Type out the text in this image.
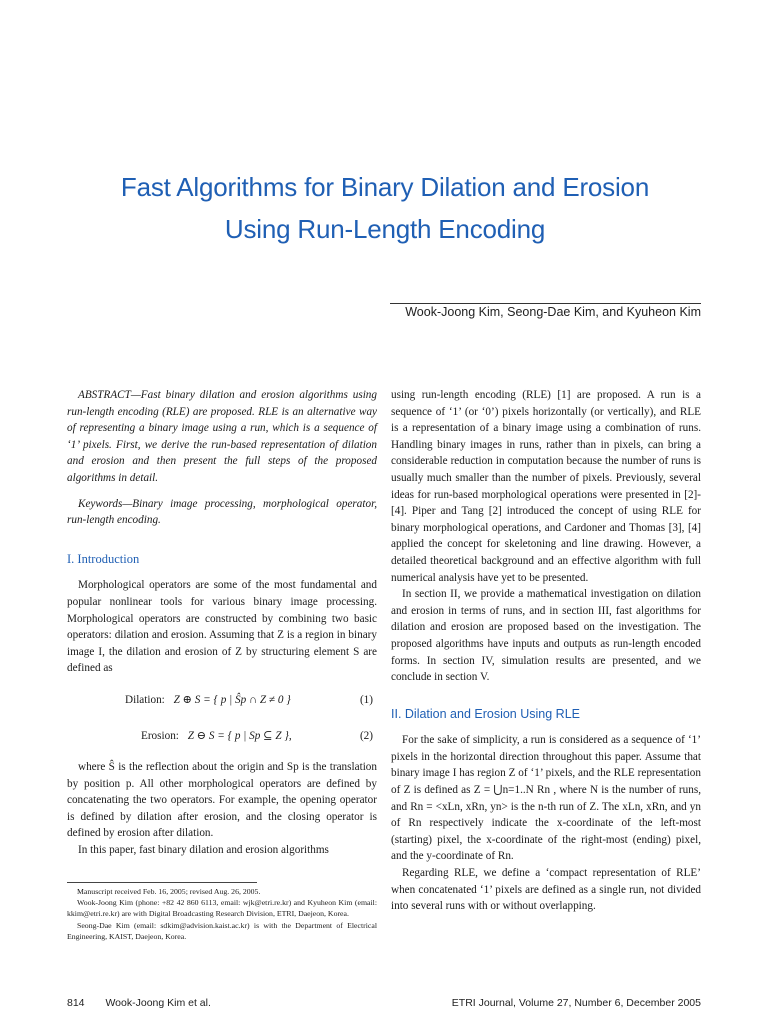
Fast Algorithms for Binary Dilation and Erosion
Using Run-Length Encoding
Wook-Joong Kim, Seong-Dae Kim, and Kyuheon Kim

ABSTRACT—Fast binary dilation and erosion algorithms using run-length encoding (RLE) are proposed. RLE is an alternative way of representing a binary image using a run, which is a sequence of ‘1’ pixels. First, we derive the run-based representation of dilation and erosion and then present the full steps of the proposed algorithms in detail.

Keywords—Binary image processing, morphological operator, run-length encoding.

I. Introduction

Morphological operators are some of the most fundamental and popular nonlinear tools for various binary image processing. Morphological operators are constructed by combining two basic operators: dilation and erosion. Assuming that Z is a region in binary image I, the dilation and erosion of Z by structuring element S are defined as

Dilation: Z ⊕ S = { p | Ŝp ∩ Z ≠ 0 }	(1)
Erosion: Z ⊖ S = { p | Sp ⊆ Z },	(2)

where Ŝ is the reflection about the origin and Sp is the translation by position p. All other morphological operators are defined by concatenating the two operators. For example, the opening operator is defined by dilation after erosion, and the closing operator is defined by erosion after dilation.

In this paper, fast binary dilation and erosion algorithms

using run-length encoding (RLE) [1] are proposed. A run is a sequence of ‘1’ (or ‘0’) pixels horizontally (or vertically), and RLE is a representation of a binary image using a combination of runs. Handling binary images in runs, rather than in pixels, can bring a considerable reduction in computation because the number of runs is usually much smaller than the number of pixels. Previously, several ideas for run-based morphological operations were presented in [2]-[4]. Piper and Tang [2] introduced the concept of using RLE for binary morphological operations, and Cardoner and Thomas [3], [4] applied the concept for skeletoning and line drawing. However, a detailed theoretical background and an effective algorithm with full numerical analysis have yet to be presented.

In section II, we provide a mathematical investigation on dilation and erosion in terms of runs, and in section III, fast algorithms for dilation and erosion are proposed based on the investigation. The proposed algorithms have inputs and outputs as run-length encoded forms. In section IV, simulation results are presented, and we conclude in section V.

II. Dilation and Erosion Using RLE

For the sake of simplicity, a run is considered as a sequence of ‘1’ pixels in the horizontal direction throughout this paper. Assume that binary image I has region Z of ‘1’ pixels, and the RLE representation of Z is defined as Z = ⋃n=1..N Rn , where N is the number of runs, and Rn = <xLn, xRn, yn> is the n-th run of Z. The xLn, xRn, and yn of Rn respectively indicate the x-coordinate of the left-most (starting) pixel, the x-coordinate of the right-most (ending) pixel, and the y-coordinate of Rn.

Regarding RLE, we define a ‘compact representation of RLE’ when concatenated ‘1’ pixels are defined as a single run, not divided into several runs with or without overlapping.

Manuscript received Feb. 16, 2005; revised Aug. 26, 2005.

Wook-Joong Kim (phone: +82 42 860 6113, email: wjk@etri.re.kr) and Kyuheon Kim (email: kkim@etri.re.kr) are with Digital Broadcasting Research Division, ETRI, Daejeon, Korea.

Seong-Dae Kim (email: sdkim@advision.kaist.ac.kr) is with the Department of Electrical Engineering, KAIST, Daejeon, Korea.

814 Wook-Joong Kim et al.	ETRI Journal, Volume 27, Number 6, December 2005
